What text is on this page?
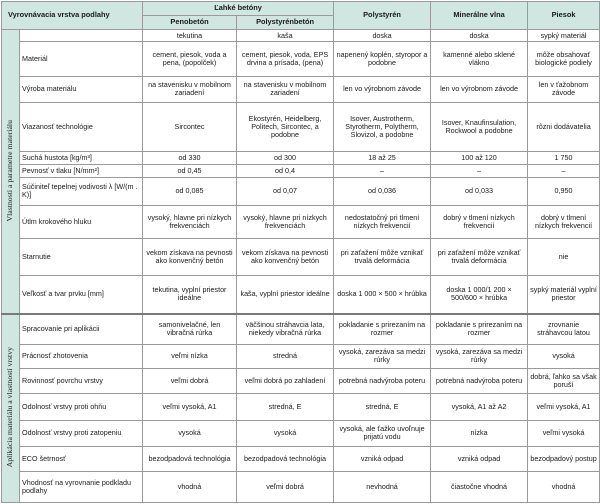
Vyrovnávacia vrstva podlahy		Ľahké betóny		Polystyrén	Minerálne vlna	Piesok
		Penobetón	Polystyrénbetón			
Vlastnosti a parametre materiálu		tekutina	kaša	doska	doska	sypký materiál
	Materiál	cement, piesok, voda a pena, (popolček)	cement, piesok, voda, EPS drvina a prísada, (pena)	napenený koplén, styropor a podobne	kamenné alebo sklené vlákno	môže obsahovať biologické podiely
	Výroba materiálu	na stavenisku v mobilnom zariadení	na stavenisku v mobilnom zariadení	len vo výrobnom závode	len vo výrobnom závode	len v ťažobnom závode
	Viazanosť technológie	Sircontec	Ekostyrén, Heidelberg, Politech, Sircontec, a podobne	Isover, Austrotherm, Styrotherm, Polytherm, Slovizol, a podobne	Isover, Knaufinsulation, Rockwool a podobne	rôzni dodávatelia
	Suchá hustota [kg/m³]	od 330	od 300	18 až 25	100 až 120	1 750
	Pevnosť v tlaku [N/mm²]	od 0,45	od 0,4	–	–	–
	Súčiniteľ tepelnej vodivosti λ [W/(m . K)]	od 0,085	od 0,07	od 0,036	od 0,033	0,950
	Útlm krokového hluku	vysoký, hlavne pri nízkych frekvenciách	vysoký, hlavne pri nízkych frekvenciách	nedostatočný pri tlmení nízkych frekvencií	dobrý v tlmení nízkych frekvencií	dobrý v tlmení nízkych frekvencií
	Starnutie	vekom získava na pevnosti ako konvenčný betón	vekom získava na pevnosti ako konvenčný betón	pri zaťažení môže vznikať trvalá deformácia	pri zaťažení môže vznikať trvalá deformácia	nie
	Veľkosť a tvar prvku [mm]	tekutina, vyplní priestor ideálne	kaša, vyplní priestor ideálne	doska 1 000 × 500 × hrúbka	doska 1 000/1 200 × 500/600 × hrúbka	sypký materiál vyplní priestor
Aplikácia materiálu a vlastností vrstvy	Spracovanie pri aplikácii	samonivelačné, len vibračná rúrka	väčšinou stráhavcia lata, niekedy vibračná rúrka	pokladanie s prirezaním na rozmer	pokladanie s prirezaním na rozmer	zrovnanie stráhavcou latou
	Prácnosť zhotovenia	veľmi nízka	stredná	vysoká, zarezáva sa medzi rúrky	vysoká, zarezáva sa medzi rúrky	vysoká
	Rovinnosť povrchu vrstvy	veľmi dobrá	veľmi dobrá po zahladení	potrebná nadvýroba poteru	potrebná nadvýroba poteru	dobrá, ľahko sa však poruší
	Odolnosť vrstvy proti ohňu	veľmi vysoká, A1	stredná, E	stredná, E	vysoká, A1 až A2	veľmi vysoká, A1
	Odolnosť vrstvy proti zatopeniu	vysoká	vysoká	vysoká, ale ťažko uvoľnuje prijatú vodu	nízka	veľmi vysoká
	ECO šetrnosť	bezodpadová technológia	bezodpadová technológia	vzniká odpad	vzniká odpad	bezodpadový postup
	Vhodnosť na vyrovnanie podkladu podlahy	vhodná	veľmi dobrá	nevhodná	čiastočne vhodná	vhodná
